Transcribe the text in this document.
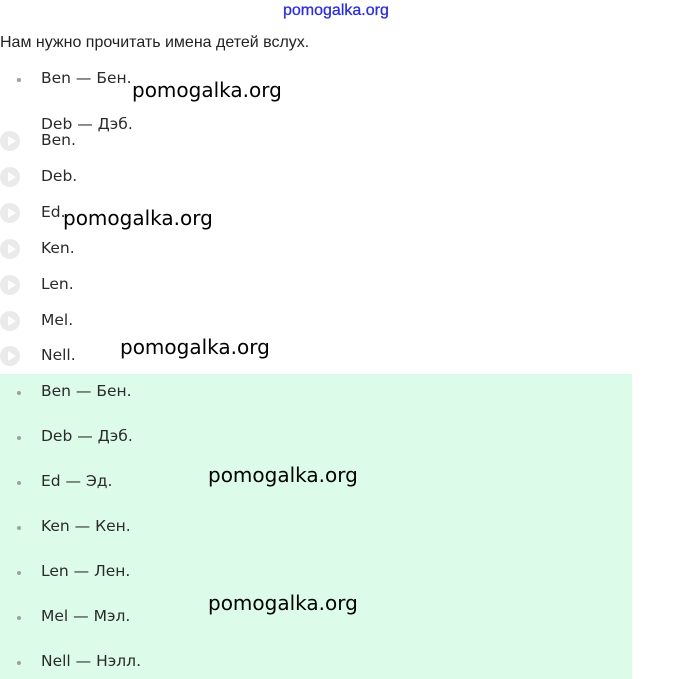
pomogalka.org
Нам нужно прочитать имена детей вслух.
Ben — Бен.
Deb — Дэб.
Ben.
Deb.
Ed.
Ken.
Len.
Mel.
Nell.
Ben — Бен.
Deb — Дэб.
Ed — Эд.
Ken — Кен.
Len — Лен.
Mel — Мэл.
Nell — Нэлл.
pomogalka.org
pomogalka.org
pomogalka.org
pomogalka.org
pomogalka.org
